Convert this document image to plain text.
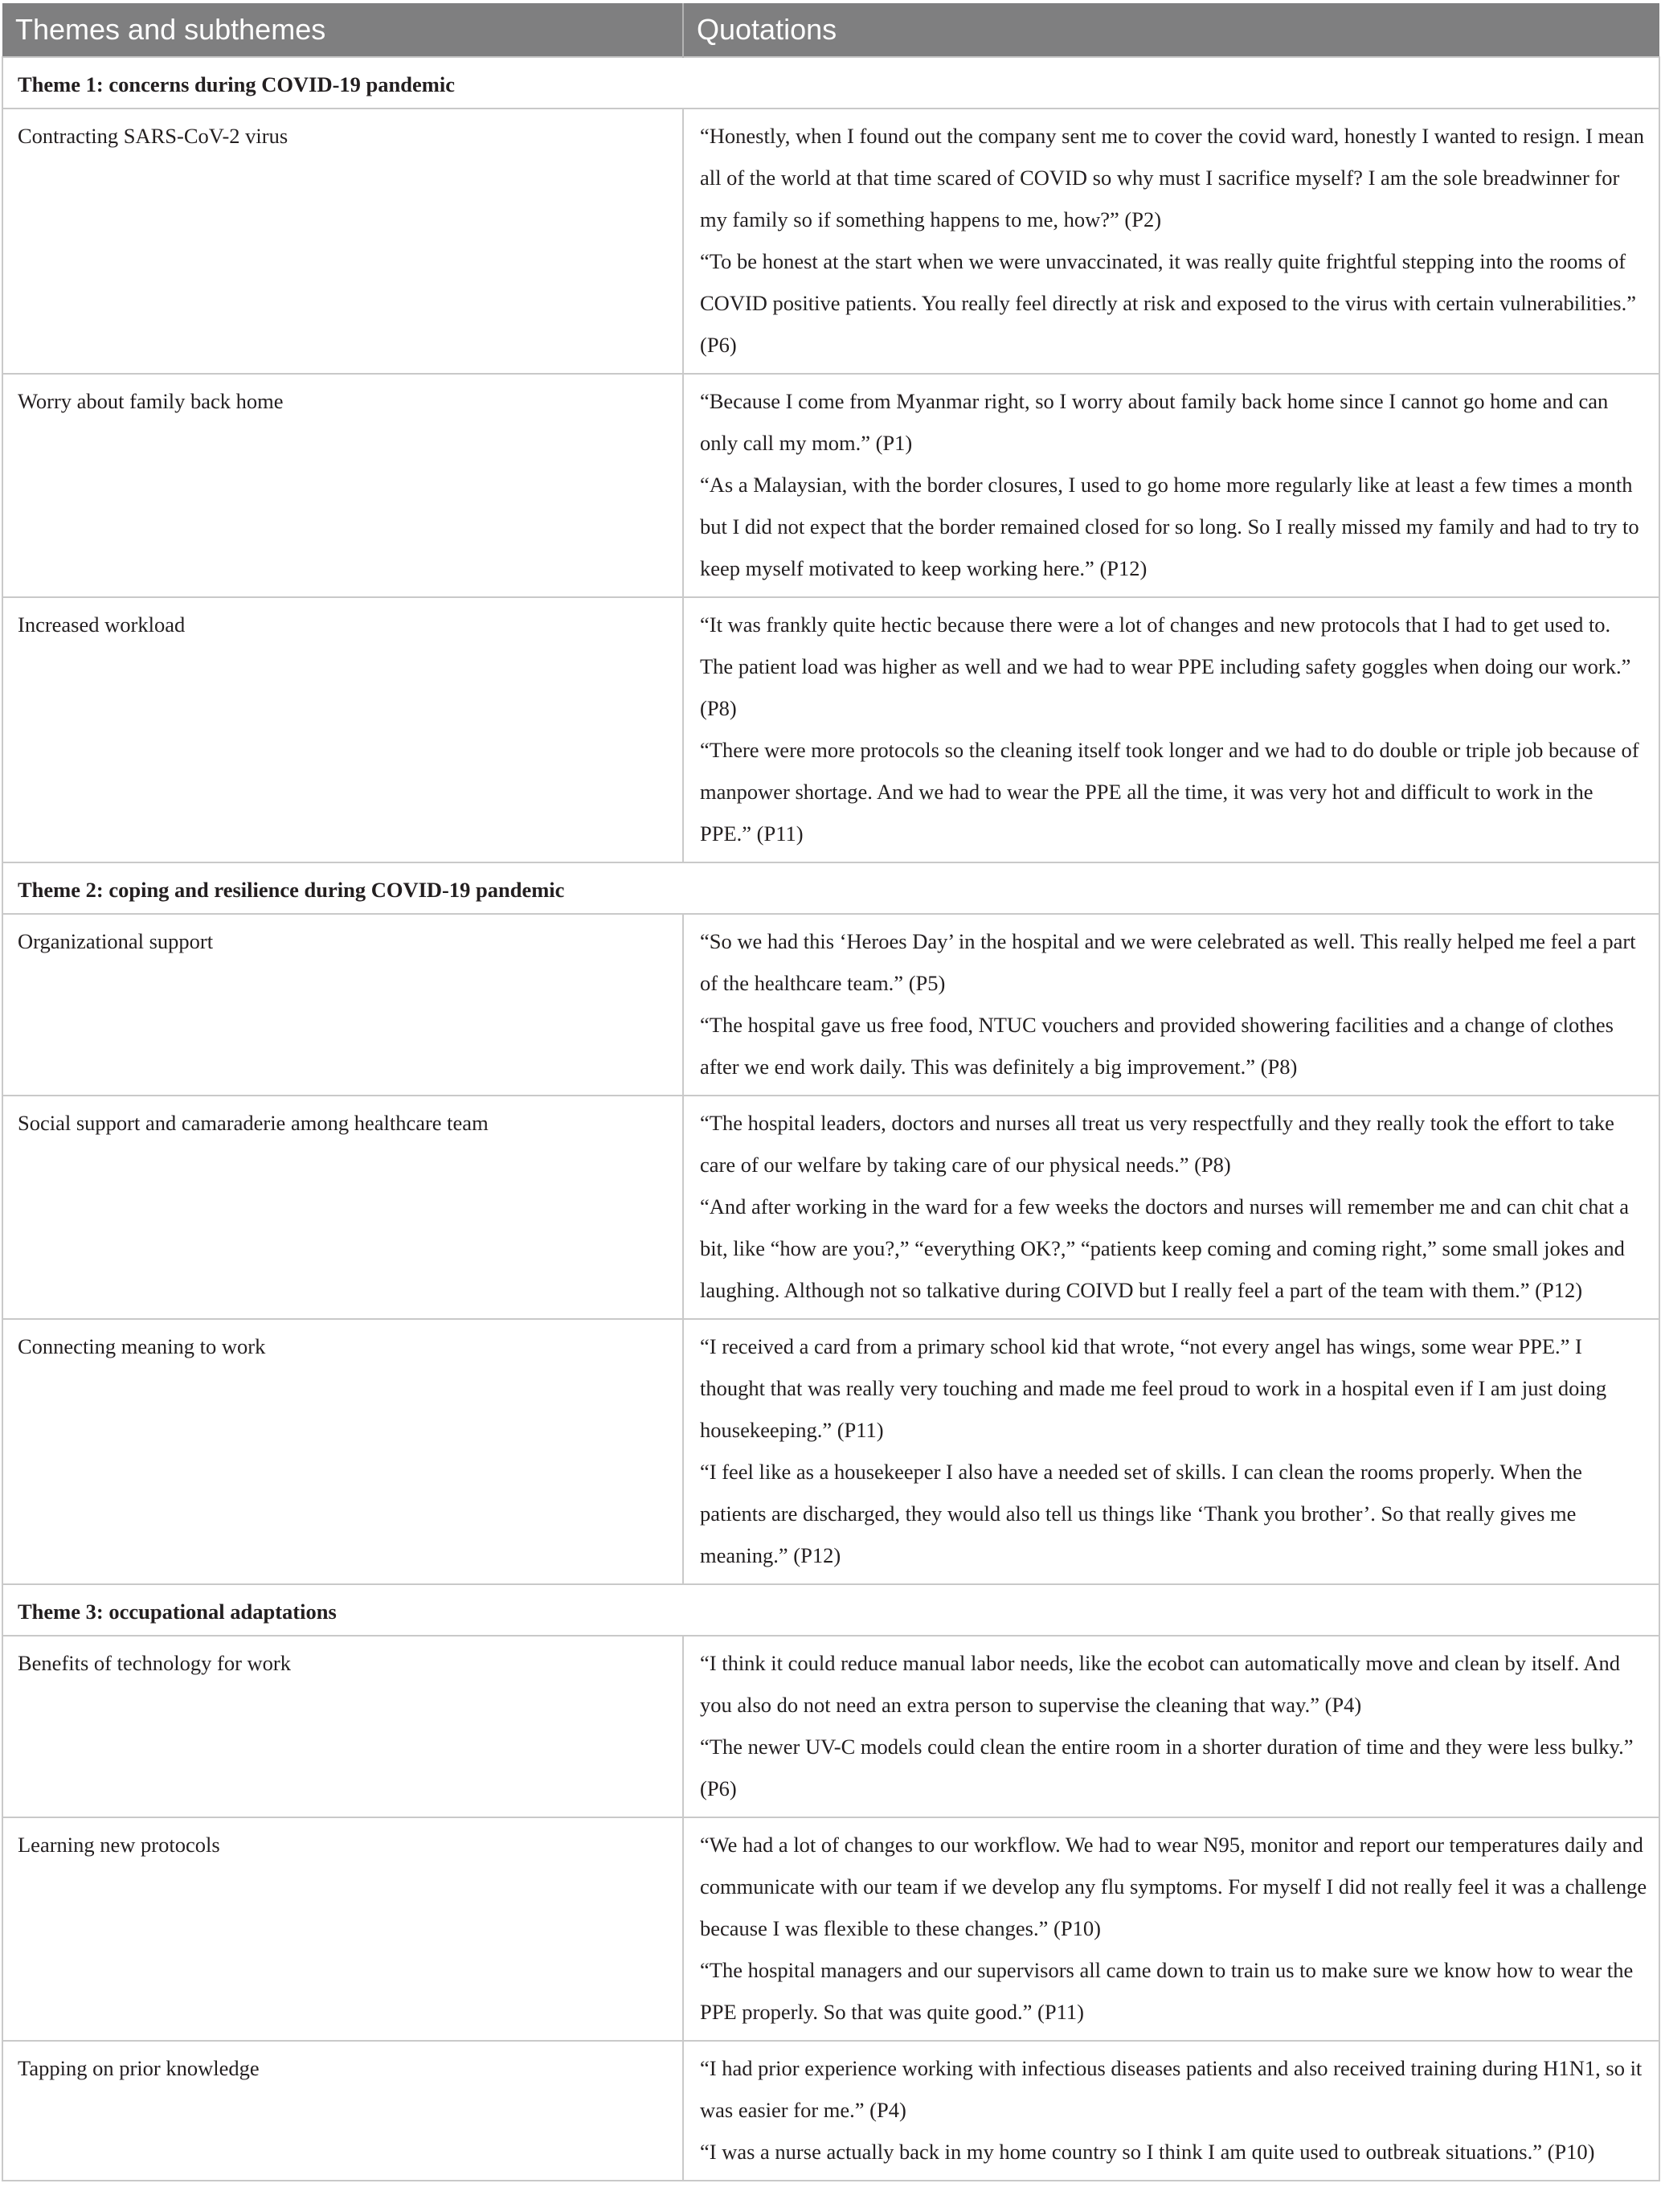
Themes and subthemes	Quotations
Theme 1: concerns during COVID-19 pandemic	
Contracting SARS-CoV-2 virus	“Honestly, when I found out the company sent me to cover the covid ward, honestly I wanted to resign. I mean all of the world at that time scared of COVID so why must I sacrifice myself? I am the sole breadwinner for my family so if something happens to me, how?” (P2)
“To be honest at the start when we were unvaccinated, it was really quite frightful stepping into the rooms of COVID positive patients. You really feel directly at risk and exposed to the virus with certain vulnerabilities.” (P6)

Worry about family back home	“Because I come from Myanmar right, so I worry about family back home since I cannot go home and can only call my mom.” (P1)
“As a Malaysian, with the border closures, I used to go home more regularly like at least a few times a month but I did not expect that the border remained closed for so long. So I really missed my family and had to try to keep myself motivated to keep working here.” (P12)

Increased workload	“It was frankly quite hectic because there were a lot of changes and new protocols that I had to get used to. The patient load was higher as well and we had to wear PPE including safety goggles when doing our work.” (P8)
“There were more protocols so the cleaning itself took longer and we had to do double or triple job because of manpower shortage. And we had to wear the PPE all the time, it was very hot and difficult to work in the PPE.” (P11)

Theme 2: coping and resilience during COVID-19 pandemic	
Organizational support	“So we had this ‘Heroes Day’ in the hospital and we were celebrated as well. This really helped me feel a part of the healthcare team.” (P5)
“The hospital gave us free food, NTUC vouchers and provided showering facilities and a change of clothes after we end work daily. This was definitely a big improvement.” (P8)

Social support and camaraderie among healthcare team	“The hospital leaders, doctors and nurses all treat us very respectfully and they really took the effort to take care of our welfare by taking care of our physical needs.” (P8)
“And after working in the ward for a few weeks the doctors and nurses will remember me and can chit chat a bit, like “how are you?,” “everything OK?,” “patients keep coming and coming right,” some small jokes and laughing. Although not so talkative during COIVD but I really feel a part of the team with them.” (P12)

Connecting meaning to work	“I received a card from a primary school kid that wrote, “not every angel has wings, some wear PPE.” I thought that was really very touching and made me feel proud to work in a hospital even if I am just doing housekeeping.” (P11)
“I feel like as a housekeeper I also have a needed set of skills. I can clean the rooms properly. When the patients are discharged, they would also tell us things like ‘Thank you brother’. So that really gives me meaning.” (P12)

Theme 3: occupational adaptations	
Benefits of technology for work	“I think it could reduce manual labor needs, like the ecobot can automatically move and clean by itself. And you also do not need an extra person to supervise the cleaning that way.” (P4)
“The newer UV-C models could clean the entire room in a shorter duration of time and they were less bulky.” (P6)

Learning new protocols	“We had a lot of changes to our workflow. We had to wear N95, monitor and report our temperatures daily and communicate with our team if we develop any flu symptoms. For myself I did not really feel it was a challenge because I was flexible to these changes.” (P10)
“The hospital managers and our supervisors all came down to train us to make sure we know how to wear the PPE properly. So that was quite good.” (P11)

Tapping on prior knowledge	“I had prior experience working with infectious diseases patients and also received training during H1N1, so it was easier for me.” (P4)
“I was a nurse actually back in my home country so I think I am quite used to outbreak situations.” (P10)
